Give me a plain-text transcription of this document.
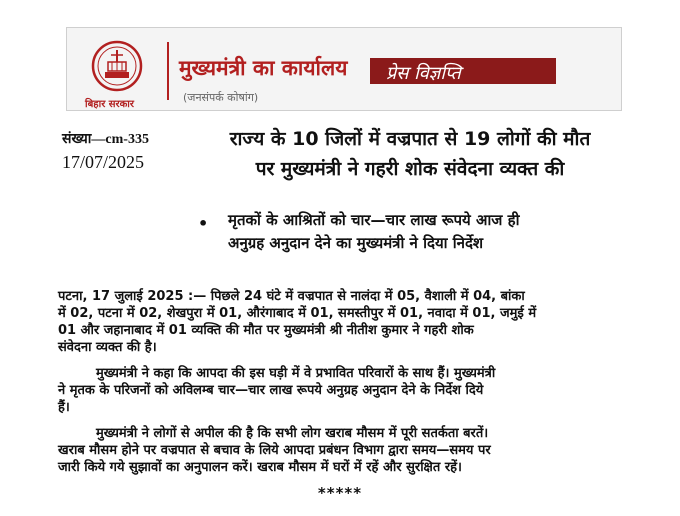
बिहार सरकार
मुख्यमंत्री का कार्यालय
(जनसंपर्क कोषांग)
प्रेस विज्ञप्ति
संख्या—cm-335
17/07/2025
राज्य के 10 जिलों में वज्रपात से 19 लोगों की मौत
पर मुख्यमंत्री ने गहरी शोक संवेदना व्यक्त की
• मृतकों के आश्रितों को चार—चार लाख रूपये आज ही
अनुग्रह अनुदान देने का मुख्यमंत्री ने दिया निर्देश

पटना, 17 जुलाई 2025 :— पिछले 24 घंटे में वज्रपात से नालंदा में 05, वैशाली में 04, बांका
में 02, पटना में 02, शेखपुरा में 01, औरंगाबाद में 01, समस्तीपुर में 01, नवादा में 01, जमुई में
01 और जहानाबाद में 01 व्यक्ति की मौत पर मुख्यमंत्री श्री नीतीश कुमार ने गहरी शोक
संवेदना व्यक्त की है।

मुख्यमंत्री ने कहा कि आपदा की इस घड़ी में वे प्रभावित परिवारों के साथ हैं। मुख्यमंत्री
ने मृतक के परिजनों को अविलम्ब चार—चार लाख रूपये अनुग्रह अनुदान देने के निर्देश दिये
हैं।

मुख्यमंत्री ने लोगों से अपील की है कि सभी लोग खराब मौसम में पूरी सतर्कता बरतें।
खराब मौसम होने पर वज्रपात से बचाव के लिये आपदा प्रबंधन विभाग द्वारा समय—समय पर
जारी किये गये सुझावों का अनुपालन करें। खराब मौसम में घरों में रहें और सुरक्षित रहें।

*****
